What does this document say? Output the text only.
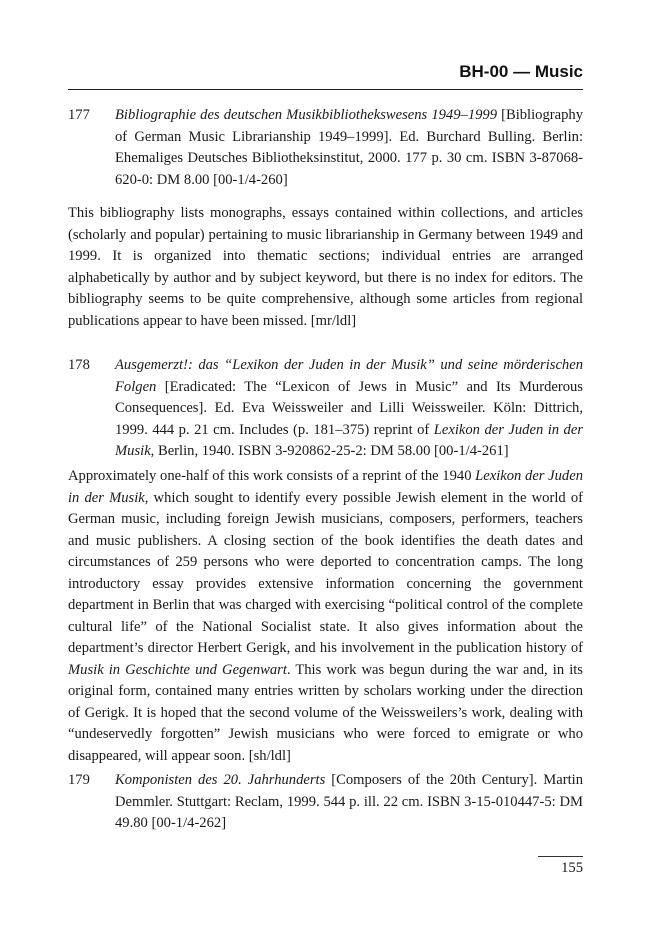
BH-00 — Music
177 Bibliographie des deutschen Musikbibliothekswesens 1949–1999 [Bibliography of German Music Librarianship 1949–1999]. Ed. Burchard Bulling. Berlin: Ehemaliges Deutsches Bibliotheksinstitut, 2000. 177 p. 30 cm. ISBN 3-87068-620-0: DM 8.00 [00-1/4-260]
This bibliography lists monographs, essays contained within collections, and articles (scholarly and popular) pertaining to music librarianship in Germany between 1949 and 1999. It is organized into thematic sections; individual entries are arranged alphabetically by author and by subject keyword, but there is no index for editors. The bibliography seems to be quite comprehensive, although some articles from regional publications appear to have been missed. [mr/ldl]
178 Ausgemerzt!: das “Lexikon der Juden in der Musik” und seine mörderischen Folgen [Eradicated: The “Lexicon of Jews in Music” and Its Murderous Consequences]. Ed. Eva Weissweiler and Lilli Weissweiler. Köln: Dittrich, 1999. 444 p. 21 cm. Includes (p. 181–375) reprint of Lexikon der Juden in der Musik, Berlin, 1940. ISBN 3-920862-25-2: DM 58.00 [00-1/4-261]
Approximately one-half of this work consists of a reprint of the 1940 Lexikon der Juden in der Musik, which sought to identify every possible Jewish element in the world of German music, including foreign Jewish musicians, composers, performers, teachers and music publishers. A closing section of the book identifies the death dates and circumstances of 259 persons who were deported to concentration camps. The long introductory essay provides extensive information concerning the government department in Berlin that was charged with exercising “political control of the complete cultural life” of the National Socialist state. It also gives information about the department’s director Herbert Gerigk, and his involvement in the publication history of Musik in Geschichte und Gegenwart. This work was begun during the war and, in its original form, contained many entries written by scholars working under the direction of Gerigk. It is hoped that the second volume of the Weissweilers’s work, dealing with “undeservedly forgotten” Jewish musicians who were forced to emigrate or who disappeared, will appear soon. [sh/ldl]
179 Komponisten des 20. Jahrhunderts [Composers of the 20th Century]. Martin Demmler. Stuttgart: Reclam, 1999. 544 p. ill. 22 cm. ISBN 3-15-010447-5: DM 49.80 [00-1/4-262]
155
